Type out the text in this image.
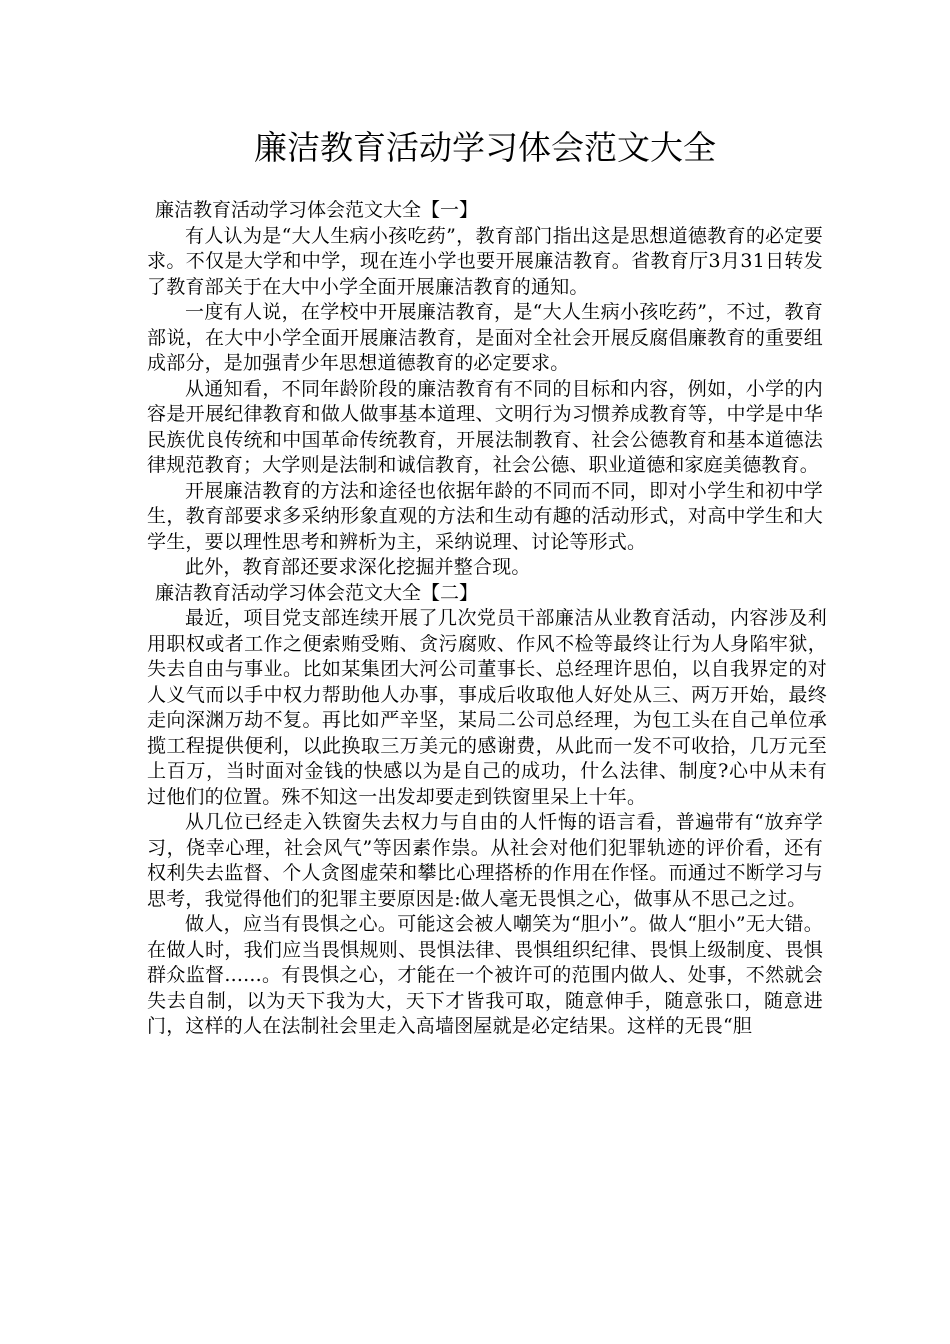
廉洁教育活动学习体会范文大全

廉洁教育活动学习体会范文大全【一】

有人认为是“大人生病小孩吃药”，教育部门指出这是思想道德教育的必定要求。不仅是大学和中学，现在连小学也要开展廉洁教育。省教育厅3月31日转发了教育部关于在大中小学全面开展廉洁教育的通知。

一度有人说，在学校中开展廉洁教育，是“大人生病小孩吃药”，不过，教育部说，在大中小学全面开展廉洁教育，是面对全社会开展反腐倡廉教育的重要组成部分，是加强青少年思想道德教育的必定要求。

从通知看，不同年龄阶段的廉洁教育有不同的目标和内容，例如，小学的内容是开展纪律教育和做人做事基本道理、文明行为习惯养成教育等，中学是中华民族优良传统和中国革命传统教育，开展法制教育、社会公德教育和基本道德法律规范教育；大学则是法制和诚信教育，社会公德、职业道德和家庭美德教育。

开展廉洁教育的方法和途径也依据年龄的不同而不同，即对小学生和初中学生，教育部要求多采纳形象直观的方法和生动有趣的活动形式，对高中学生和大学生，要以理性思考和辨析为主，采纳说理、讨论等形式。

此外，教育部还要求深化挖掘并整合现。

廉洁教育活动学习体会范文大全【二】

最近，项目党支部连续开展了几次党员干部廉洁从业教育活动，内容涉及利用职权或者工作之便索贿受贿、贪污腐败、作风不检等最终让行为人身陷牢狱，失去自由与事业。比如某集团大河公司董事长、总经理许思伯，以自我界定的对人义气而以手中权力帮助他人办事，事成后收取他人好处从三、两万开始，最终走向深渊万劫不复。再比如严辛坚，某局二公司总经理，为包工头在自己单位承揽工程提供便利，以此换取三万美元的感谢费，从此而一发不可收拾，几万元至上百万，当时面对金钱的快感以为是自己的成功，什么法律、制度?心中从未有过他们的位置。殊不知这一出发却要走到铁窗里呆上十年。

从几位已经走入铁窗失去权力与自由的人忏悔的语言看，普遍带有“放弃学习，侥幸心理，社会风气”等因素作祟。从社会对他们犯罪轨迹的评价看，还有权利失去监督、个人贪图虚荣和攀比心理搭桥的作用在作怪。而通过不断学习与思考，我觉得他们的犯罪主要原因是:做人毫无畏惧之心，做事从不思己之过。

做人，应当有畏惧之心。可能这会被人嘲笑为“胆小”。做人“胆小”无大错。在做人时，我们应当畏惧规则、畏惧法律、畏惧组织纪律、畏惧上级制度、畏惧群众监督......。有畏惧之心，才能在一个被许可的范围内做人、处事，不然就会失去自制，以为天下我为大，天下才皆我可取，随意伸手，随意张口，随意进门，这样的人在法制社会里走入高墙囹屋就是必定结果。这样的无畏“胆
